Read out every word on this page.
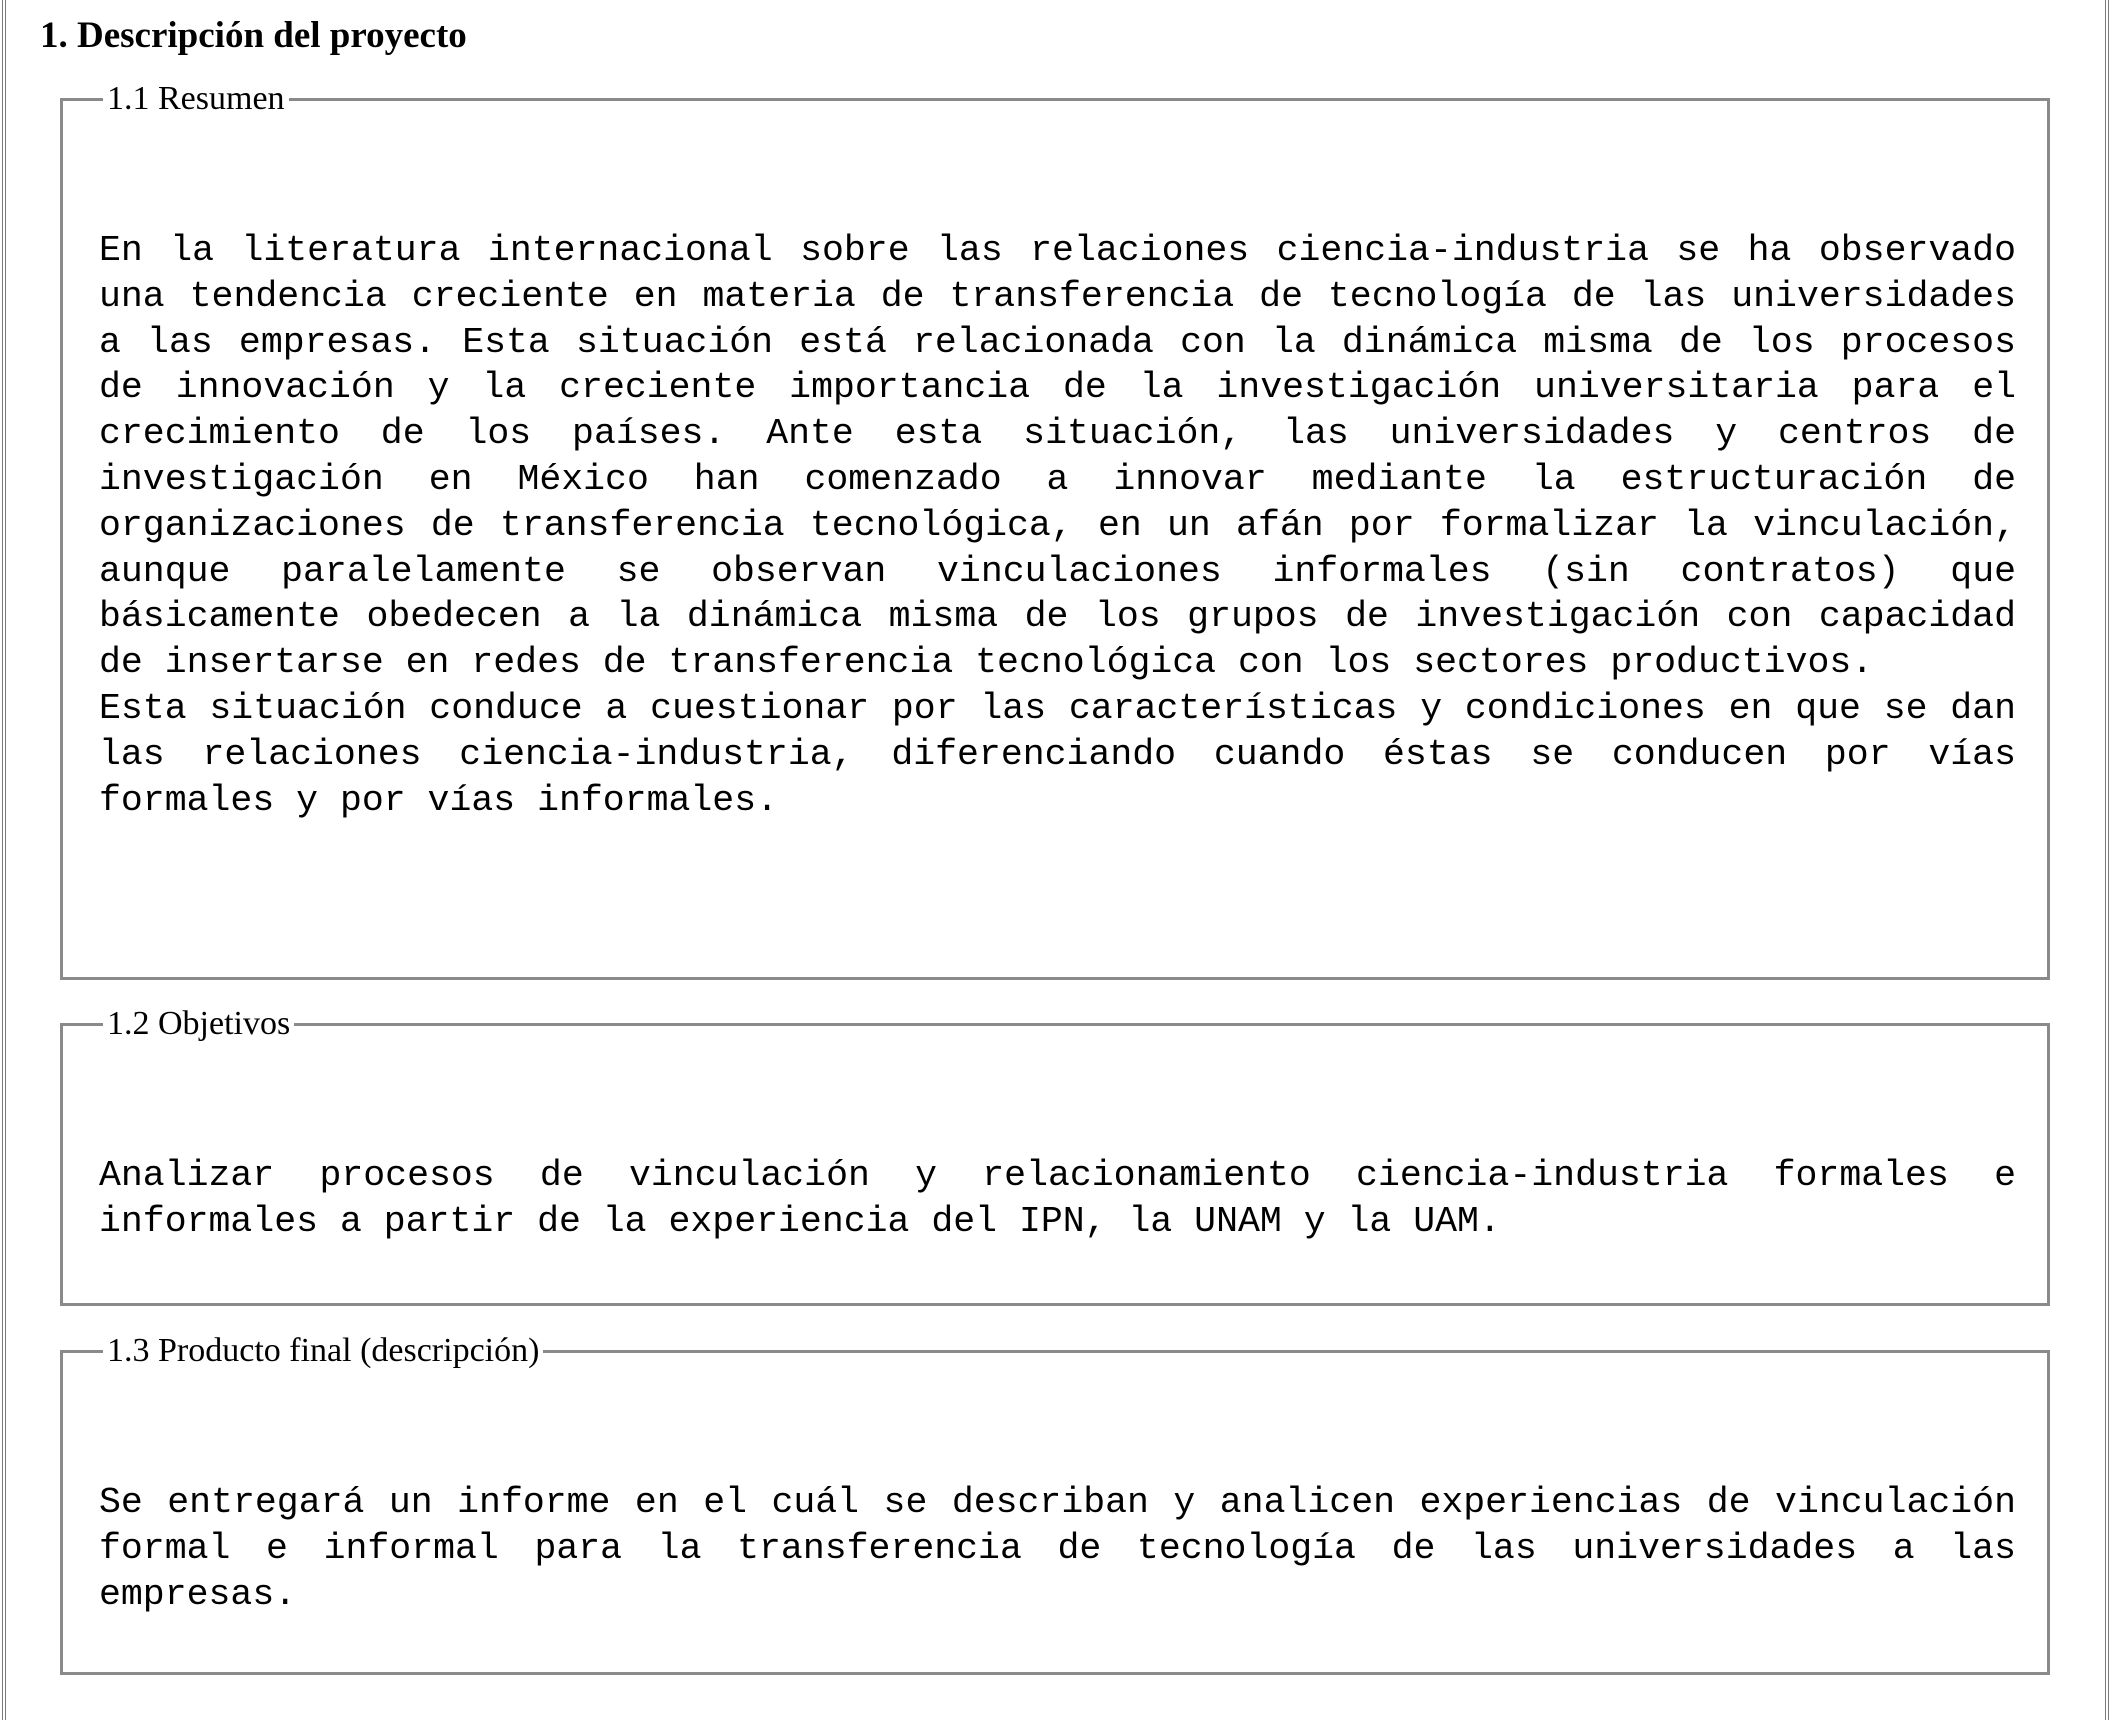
1. Descripción del proyecto
1.1 Resumen

En la literatura internacional sobre las relaciones ciencia-industria se ha observado una tendencia creciente en materia de transferencia de tecnología de las universidades a las empresas. Esta situación está relacionada con la dinámica misma de los procesos de innovación y la creciente importancia de la investigación universitaria para el crecimiento de los países. Ante esta situación, las universidades y centros de investigación en México han comenzado a innovar mediante la estructuración de organizaciones de transferencia tecnológica, en un afán por formalizar la vinculación, aunque paralelamente se observan vinculaciones informales (sin contratos) que básicamente obedecen a la dinámica misma de los grupos de investigación con capacidad de insertarse en redes de transferencia tecnológica con los sectores productivos.

Esta situación conduce a cuestionar por las características y condiciones en que se dan las relaciones ciencia-industria, diferenciando cuando éstas se conducen por vías formales y por vías informales.

1.2 Objetivos

Analizar procesos de vinculación y relacionamiento ciencia-industria formales e informales a partir de la experiencia del IPN, la UNAM y la UAM.

1.3 Producto final (descripción)

Se entregará un informe en el cuál se describan y analicen experiencias de vinculación formal e informal para la transferencia de tecnología de las universidades a las empresas.
